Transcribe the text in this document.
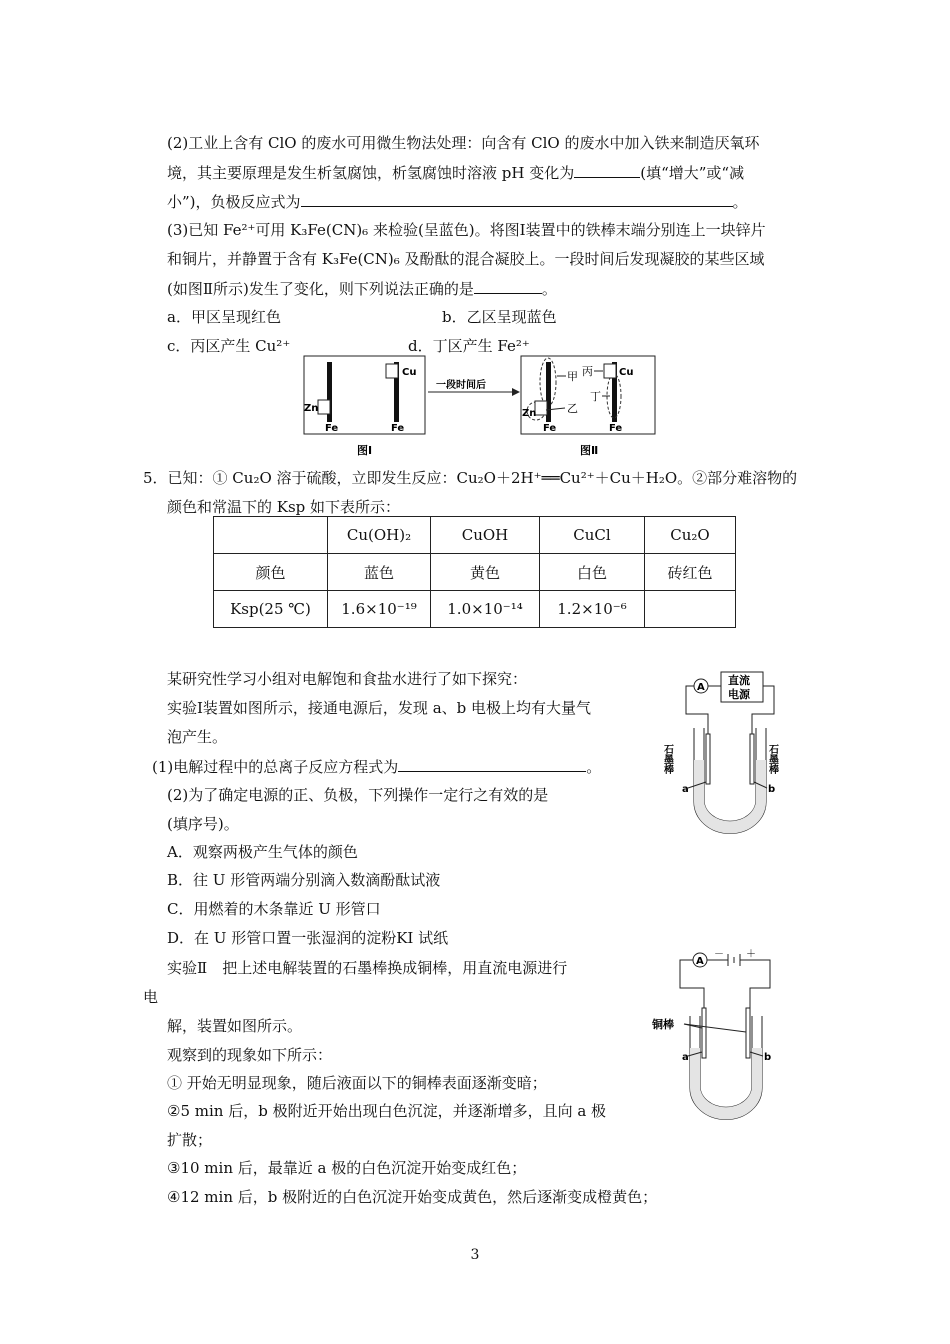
(2)工业上含有 ClO 的废水可用微生物法处理：向含有 ClO 的废水中加入铁来制造厌氧环
境，其主要原理是发生析氢腐蚀，析氢腐蚀时溶液 pH 变化为	(填“增大”或“减
小”)，负极反应式为	。
(3)已知 Fe²⁺可用 K₃Fe(CN)₆ 来检验(呈蓝色)。将图Ⅰ装置中的铁棒末端分别连上一块锌片
和铜片，并静置于含有 K₃Fe(CN)₆ 及酚酞的混合凝胶上。一段时间后发现凝胶的某些区域
(如图Ⅱ所示)发生了变化，则下列说法正确的是	。
a．甲区呈现红色	b．乙区呈现蓝色
c．丙区产生 Cu²⁺	d．丁区产生 Fe²⁺
Zn
Fe
Cu
Fe
一段时间后
Zn
Fe
甲
乙
Cu
丙
丁
Fe
图Ⅰ	图Ⅱ
5．已知：① Cu₂O 溶于硫酸，立即发生反应：Cu₂O＋2H⁺══Cu²⁺＋Cu＋H₂O。②部分难溶物的
颜色和常温下的 Ksp 如下表所示：
	Cu(OH)₂	CuOH	CuCl	Cu₂O
颜色	蓝色	黄色	白色	砖红色
Ksp(25 ℃)	1.6×10⁻¹⁹	1.0×10⁻¹⁴	1.2×10⁻⁶	
某研究性学习小组对电解饱和食盐水进行了如下探究：
实验Ⅰ装置如图所示，接通电源后，发现 a、b 电极上均有大量气
泡产生。
(1)电解过程中的总离子反应方程式为	。
(2)为了确定电源的正、负极，下列操作一定行之有效的是
(填序号)。
A．观察两极产生气体的颜色
B．往 U 形管两端分别滴入数滴酚酞试液
C．用燃着的木条靠近 U 形管口
D．在 U 形管口置一张湿润的淀粉KI 试纸
实验Ⅱ　把上述电解装置的石墨棒换成铜棒，用直流电源进行
电
解，装置如图所示。
观察到的现象如下所示：
① 开始无明显现象，随后液面以下的铜棒表面逐渐变暗；
②5 min 后，b 极附近开始出现白色沉淀，并逐渐增多，且向 a 极
扩散；
③10 min 后，最靠近 a 极的白色沉淀开始变成红色；
④12 min 后，b 极附近的白色沉淀开始变成黄色，然后逐渐变成橙黄色；
A
直流
电源
石墨棒	石墨棒
a	b
A
－ ＋
铜棒
a	b
3
